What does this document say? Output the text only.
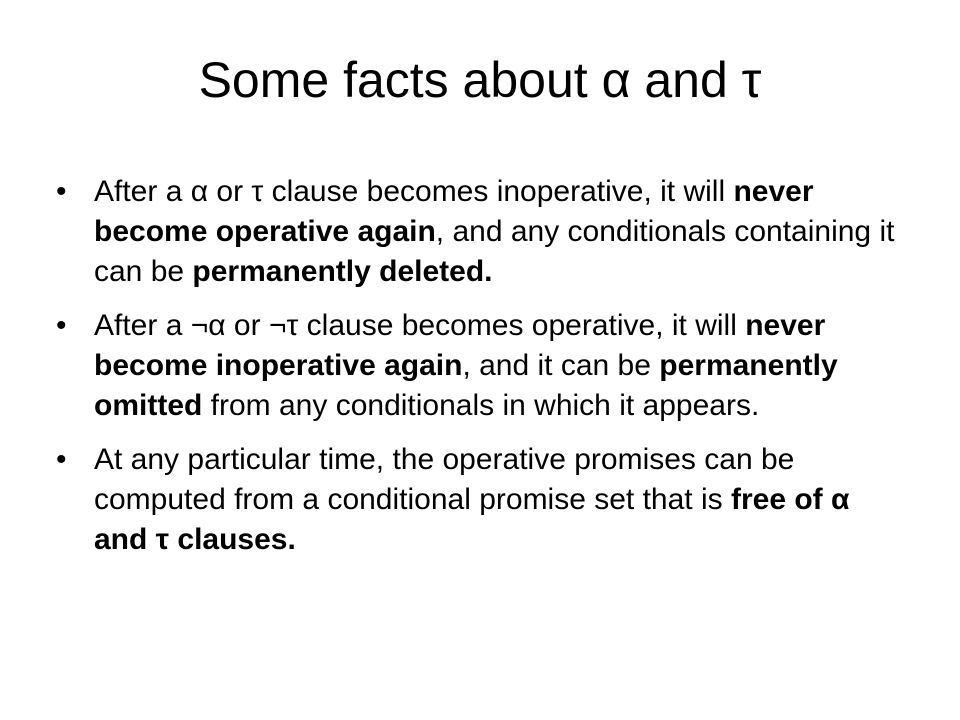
Some facts about α and τ
• After a α or τ clause becomes inoperative, it will never become operative again, and any conditionals containing it can be permanently deleted.
• After a ¬α or ¬τ clause becomes operative, it will never become inoperative again, and it can be permanently omitted from any conditionals in which it appears.
• At any particular time, the operative promises can be computed from a conditional promise set that is free of α and τ clauses.
